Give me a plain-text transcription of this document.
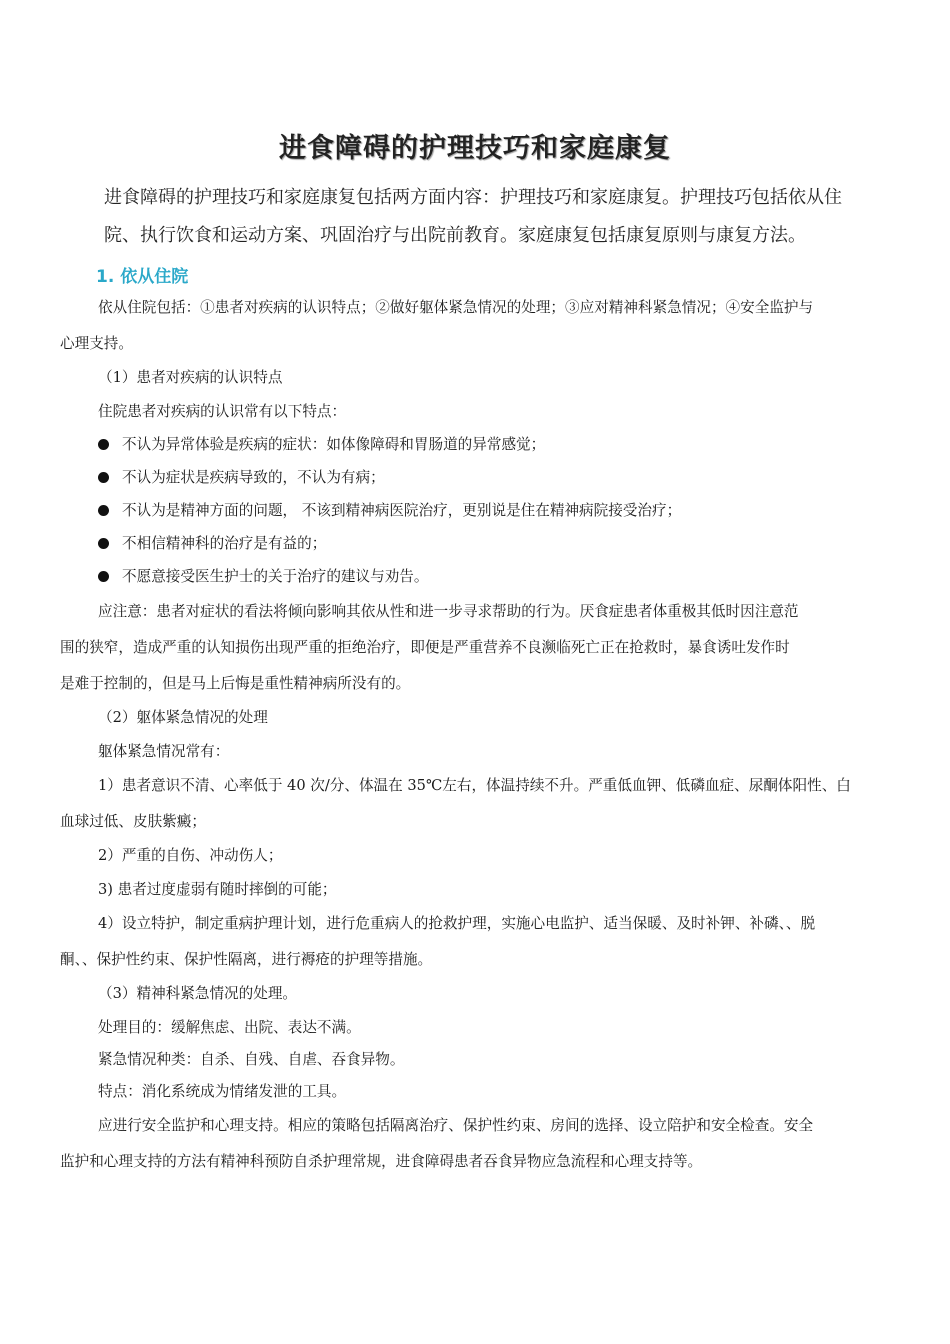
进食障碍的护理技巧和家庭康复
进食障碍的护理技巧和家庭康复包括两方面内容：护理技巧和家庭康复。护理技巧包括依从住
院、执行饮食和运动方案、巩固治疗与出院前教育。家庭康复包括康复原则与康复方法。
1. 依从住院
依从住院包括：①患者对疾病的认识特点；②做好躯体紧急情况的处理；③应对精神科紧急情况；④安全监护与
心理支持。
（1）患者对疾病的认识特点
住院患者对疾病的认识常有以下特点：
不认为异常体验是疾病的症状：如体像障碍和胃肠道的异常感觉；
不认为症状是疾病导致的，不认为有病；
不认为是精神方面的问题， 不该到精神病医院治疗，更别说是住在精神病院接受治疗；
不相信精神科的治疗是有益的；
不愿意接受医生护士的关于治疗的建议与劝告。
应注意：患者对症状的看法将倾向影响其依从性和进一步寻求帮助的行为。厌食症患者体重极其低时因注意范
围的狭窄，造成严重的认知损伤出现严重的拒绝治疗，即便是严重营养不良濒临死亡正在抢救时，暴食诱吐发作时
是难于控制的，但是马上后悔是重性精神病所没有的。
（2）躯体紧急情况的处理
躯体紧急情况常有：
1）患者意识不清、心率低于 40 次/分、体温在 35℃左右，体温持续不升。严重低血钾、低磷血症、尿酮体阳性、白
血球过低、皮肤紫癜；
2）严重的自伤、冲动伤人；
3) 患者过度虚弱有随时摔倒的可能；
4）设立特护，制定重病护理计划，进行危重病人的抢救护理，实施心电监护、适当保暖、及时补钾、补磷、、脱
酮、、保护性约束、保护性隔离，进行褥疮的护理等措施。
（3）精神科紧急情况的处理。
处理目的：缓解焦虑、出院、表达不满。
紧急情况种类：自杀、自残、自虐、吞食异物。
特点：消化系统成为情绪发泄的工具。
应进行安全监护和心理支持。相应的策略包括隔离治疗、保护性约束、房间的选择、设立陪护和安全检查。安全
监护和心理支持的方法有精神科预防自杀护理常规，进食障碍患者吞食异物应急流程和心理支持等。
